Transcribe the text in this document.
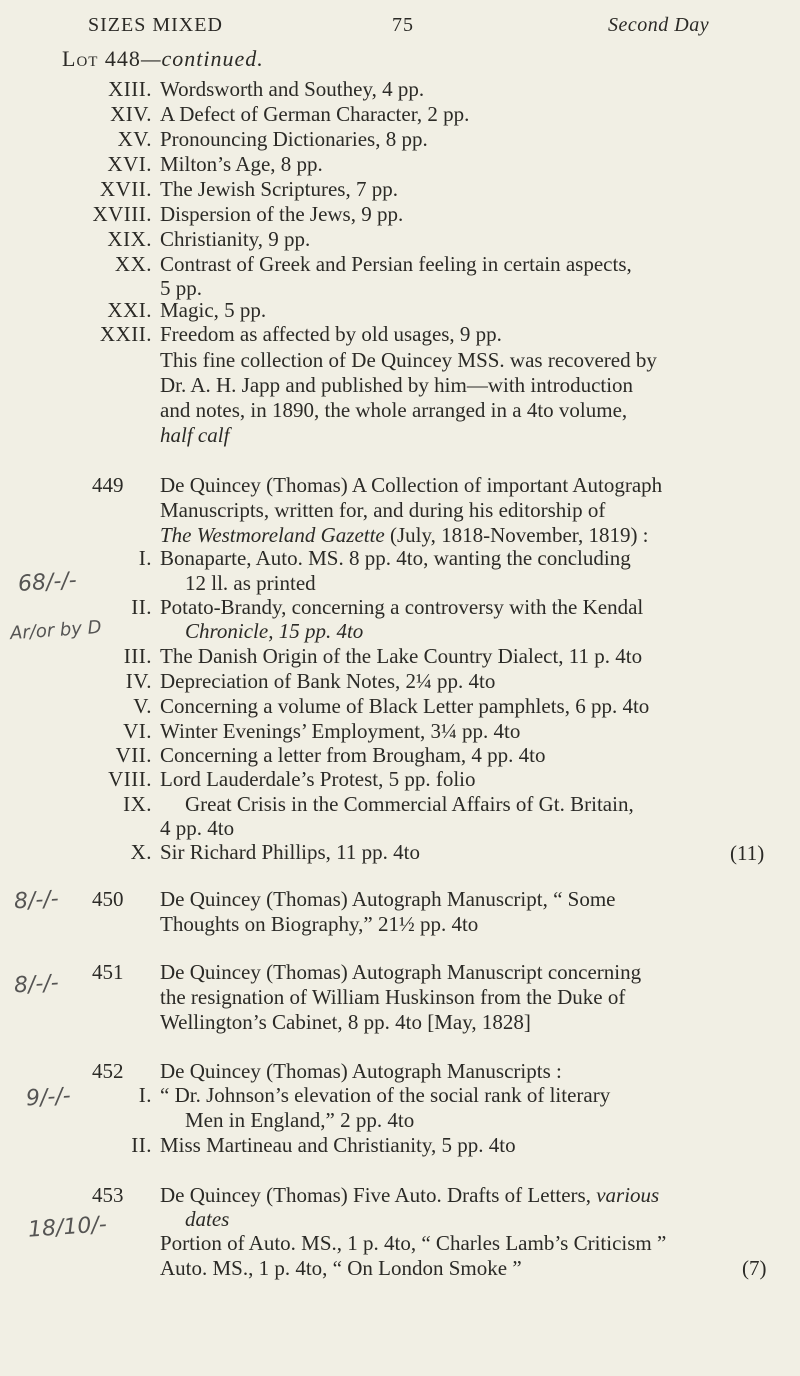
SIZES MIXED	75	Second Day
Lot 448—continued.
XIII. Wordsworth and Southey, 4 pp.
XIV. A Defect of German Character, 2 pp.
XV. Pronouncing Dictionaries, 8 pp.
XVI. Milton’s Age, 8 pp.
XVII. The Jewish Scriptures, 7 pp.
XVIII. Dispersion of the Jews, 9 pp.
XIX. Christianity, 9 pp.
XX. Contrast of Greek and Persian feeling in certain aspects,
5 pp.
XXI. Magic, 5 pp.
XXII. Freedom as affected by old usages, 9 pp.
This fine collection of De Quincey MSS. was recovered by
Dr. A. H. Japp and published by him—with introduction
and notes, in 1890, the whole arranged in a 4to volume,
half calf
449 De Quincey (Thomas) A Collection of important Autograph
Manuscripts, written for, and during his editorship of
The Westmoreland Gazette (July, 1818-November, 1819) :
I. Bonaparte, Auto. MS. 8 pp. 4to, wanting the concluding
12 ll. as printed
II. Potato-Brandy, concerning a controversy with the Kendal
Chronicle, 15 pp. 4to
III. The Danish Origin of the Lake Country Dialect, 11 p. 4to
IV. Depreciation of Bank Notes, 2¼ pp. 4to
V. Concerning a volume of Black Letter pamphlets, 6 pp. 4to
VI. Winter Evenings’ Employment, 3¼ pp. 4to
VII. Concerning a letter from Brougham, 4 pp. 4to
VIII. Lord Lauderdale’s Protest, 5 pp. folio
IX. Great Crisis in the Commercial Affairs of Gt. Britain,
4 pp. 4to
X. Sir Richard Phillips, 11 pp. 4to	(11)
68/-/-
Ar/or by D
450 De Quincey (Thomas) Autograph Manuscript, “ Some
Thoughts on Biography,” 21½ pp. 4to
8/-/-
451 De Quincey (Thomas) Autograph Manuscript concerning
the resignation of William Huskinson from the Duke of
Wellington’s Cabinet, 8 pp. 4to [May, 1828]
8/-/-
452 De Quincey (Thomas) Autograph Manuscripts :
I. “ Dr. Johnson’s elevation of the social rank of literary
Men in England,” 2 pp. 4to
II. Miss Martineau and Christianity, 5 pp. 4to
9/-/-
453 De Quincey (Thomas) Five Auto. Drafts of Letters, various
dates
Portion of Auto. MS., 1 p. 4to, “ Charles Lamb’s Criticism ”
Auto. MS., 1 p. 4to, “ On London Smoke ”	(7)
18/10/-
